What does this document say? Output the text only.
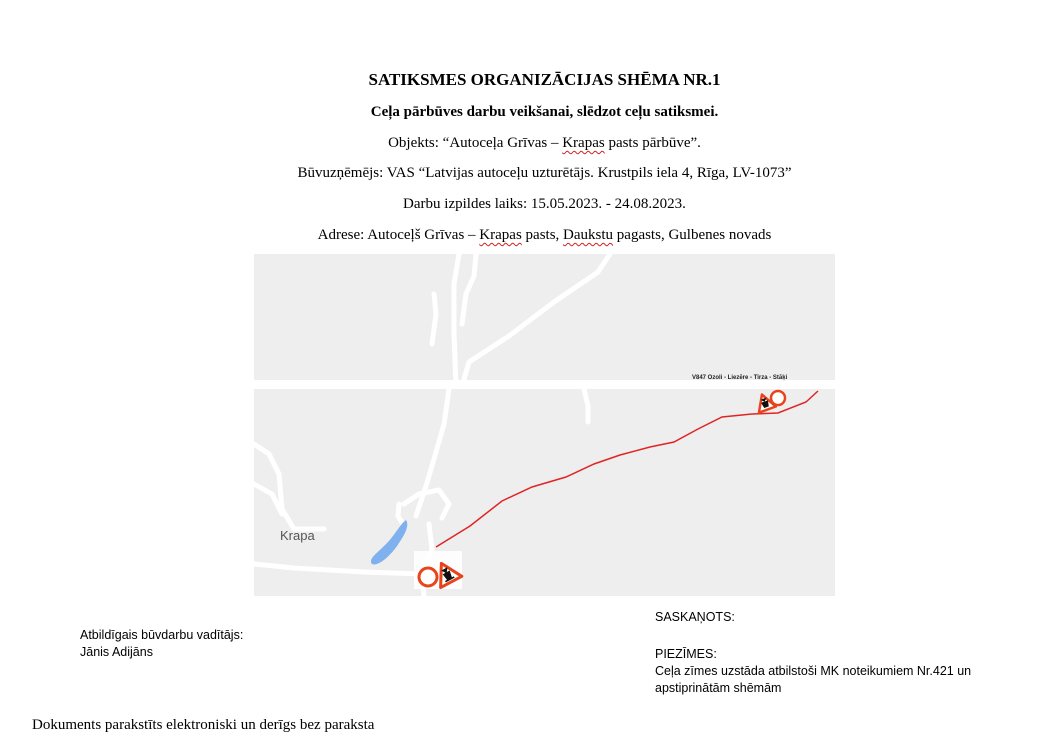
SATIKSMES ORGANIZĀCIJAS SHĒMA NR.1
Ceļa pārbūves darbu veikšanai, slēdzot ceļu satiksmei.
Objekts: “Autoceļa Grīvas – Krapas pasts pārbūve”.
Būvuzņēmējs: VAS “Latvijas autoceļu uzturētājs. Krustpils iela 4, Rīga, LV-1073”
Darbu izpildes laiks: 15.05.2023. - 24.08.2023.
Adrese: Autoceļš Grīvas – Krapas pasts, Daukstu pagasts, Gulbenes novads
V847 Ozoli - Liezēre - Tirza - Stāķi
Krapa
SASKAŅOTS:
Atbildīgais būvdarbu vadītājs:
Jānis Adijāns	PIEZĪMES:
Ceļa zīmes uzstāda atbilstoši MK noteikumiem Nr.421 un
apstiprinātām shēmām
Dokuments parakstīts elektroniski un derīgs bez paraksta
